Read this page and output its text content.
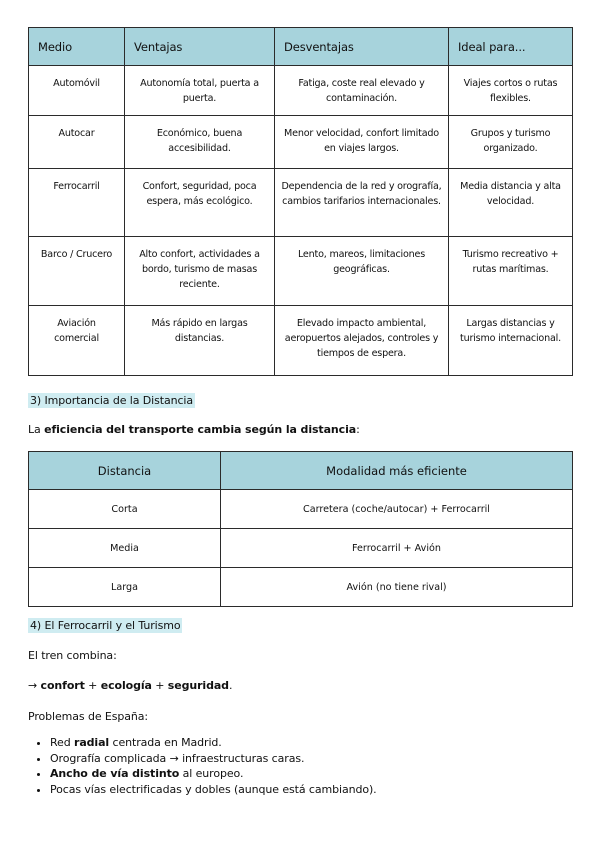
Medio	Ventajas	Desventajas	Ideal para...
Automóvil	Autonomía total, puerta a puerta.	Fatiga, coste real elevado y contaminación.	Viajes cortos o rutas flexibles.
Autocar	Económico, buena accesibilidad.	Menor velocidad, confort limitado en viajes largos.	Grupos y turismo organizado.
Ferrocarril	Confort, seguridad, poca espera, más ecológico.	Dependencia de la red y orografía, cambios tarifarios internacionales.	Media distancia y alta velocidad.
Barco / Crucero	Alto confort, actividades a bordo, turismo de masas reciente.	Lento, mareos, limitaciones geográficas.	Turismo recreativo + rutas marítimas.
Aviación comercial	Más rápido en largas distancias.	Elevado impacto ambiental, aeropuertos alejados, controles y tiempos de espera.	Largas distancias y turismo internacional.
3) Importancia de la Distancia
La eficiencia del transporte cambia según la distancia:
Distancia	Modalidad más eficiente
Corta	Carretera (coche/autocar) + Ferrocarril
Media	Ferrocarril + Avión
Larga	Avión (no tiene rival)
4) El Ferrocarril y el Turismo
El tren combina:
→ confort + ecología + seguridad.
Problemas de España:
• Red radial centrada en Madrid.
• Orografía complicada → infraestructuras caras.
• Ancho de vía distinto al europeo.
• Pocas vías electrificadas y dobles (aunque está cambiando).
